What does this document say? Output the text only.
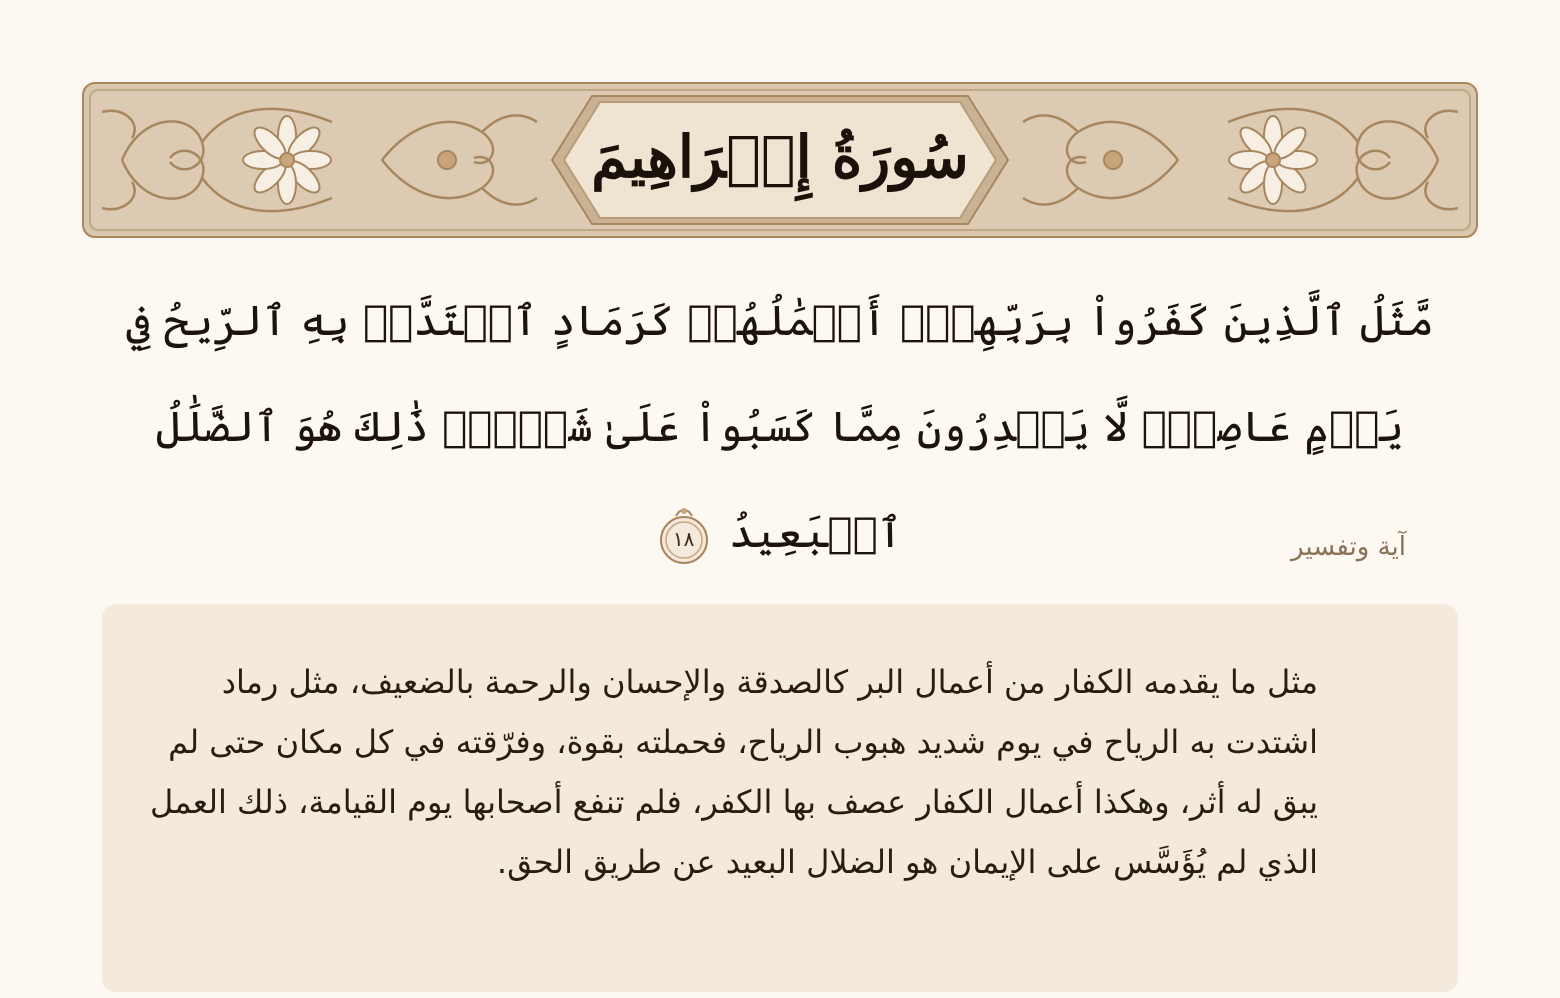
سُورَةُ إِبۡرَاهِيمَ
مَّثَلُ ٱلَّذِينَ كَفَرُواْ بِرَبِّهِمۡۖ أَعۡمَٰلُهُمۡ كَرَمَادٍ ٱشۡتَدَّتۡ بِهِ ٱلرِّيحُ فِي يَوۡمٍ عَاصِفٖۖ لَّا يَقۡدِرُونَ مِمَّا كَسَبُواْ عَلَىٰ شَيۡءٖۚ ذَٰلِكَ هُوَ ٱلضَّلَٰلُ ٱلۡبَعِيدُ
١٨	آية وتفسير

مثل ما يقدمه الكفار من أعمال البر كالصدقة والإحسان والرحمة بالضعيف، مثل رماد اشتدت به الرياح في يوم شديد هبوب الرياح، فحملته بقوة، وفرّقته في كل مكان حتى لم يبق له أثر، وهكذا أعمال الكفار عصف بها الكفر، فلم تنفع أصحابها يوم القيامة، ذلك العمل الذي لم يُؤَسَّس على الإيمان هو الضلال البعيد عن طريق الحق.
